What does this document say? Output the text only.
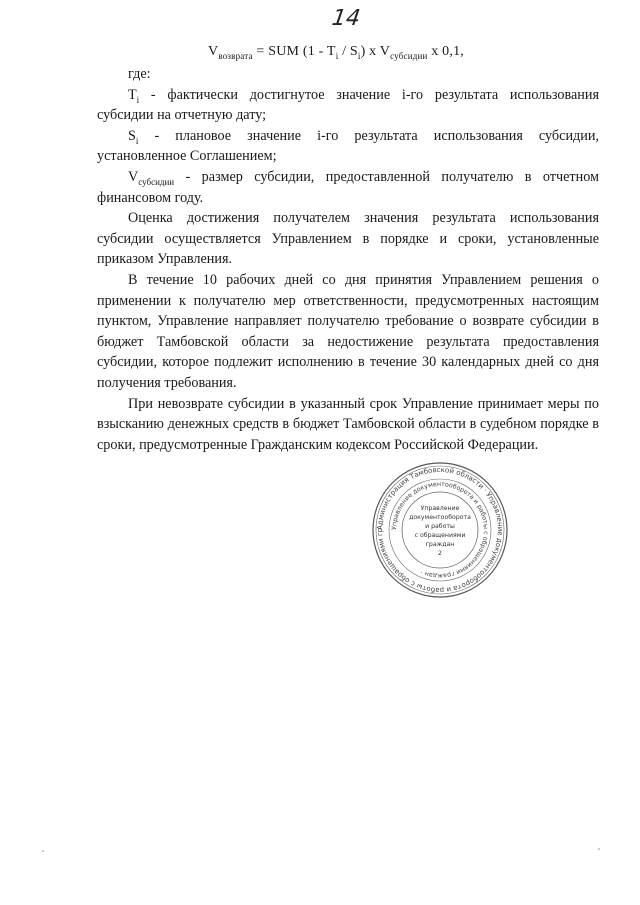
14
$V_{возврата}$ = SUM $(1 - T_i / S_i)$ x $V_{субсидии}$ x 0,1,

где:

$T_i$ - фактически достигнутое значение i-го результата использования субсидии на отчетную дату;

$S_i$ - плановое значение i-го результата использования субсидии, установленное Соглашением;

$V_{субсидии}$ - размер субсидии, предоставленной получателю в отчетном финансовом году.

Оценка достижения получателем значения результата использования субсидии осуществляется Управлением в порядке и сроки, установленные приказом Управления.

В течение 10 рабочих дней со дня принятия Управлением решения о применении к получателю мер ответственности, предусмотренных настоящим пунктом, Управление направляет получателю требование о возврате субсидии в бюджет Тамбовской области за недостижение результата предоставления субсидии, которое подлежит исполнению в течение 30 календарных дней со дня получения требования.

При невозврате субсидии в указанный срок Управление принимает меры по взысканию денежных средств в бюджет Тамбовской области в судебном порядке в сроки, предусмотренные Гражданским кодексом Российской Федерации.

Администрация Тамбовской области · Управление документооборота и работы с обращениями гр	Управление документооборота и работы с обращениями граждан ·
Управление
документооборота
и работы
с обращениями
граждан
2
